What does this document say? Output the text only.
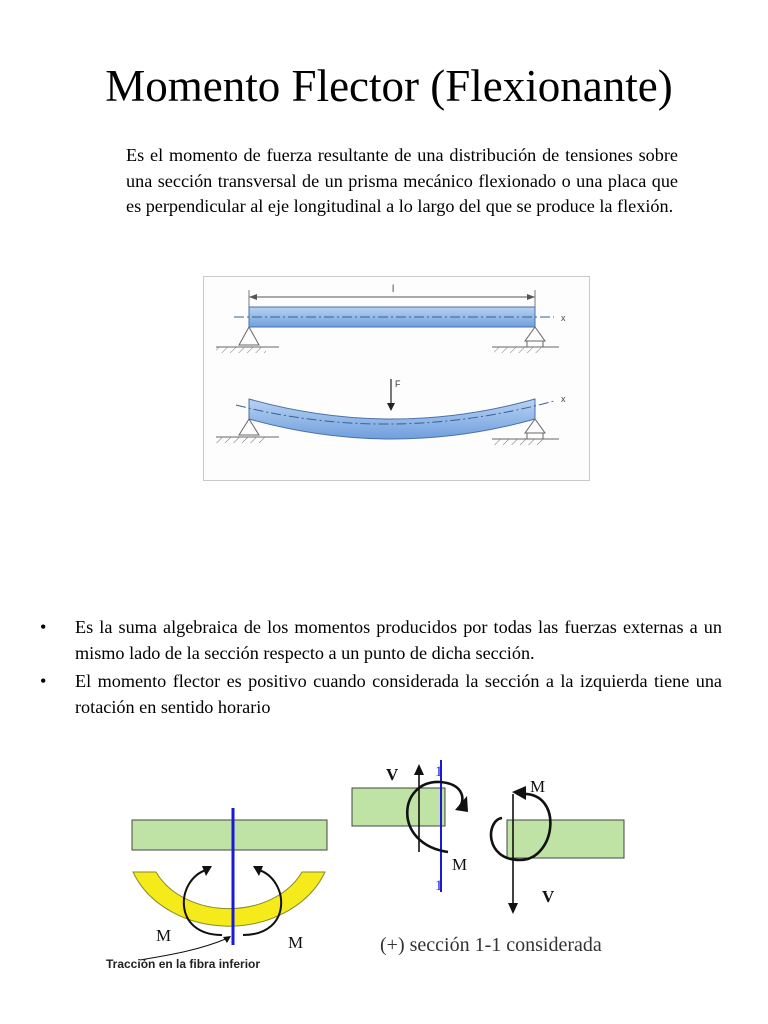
Momento Flector (Flexionante)

Es el momento de fuerza resultante de una distribución de tensiones sobre una sección transversal de un prisma mecánico flexionado o una placa que es perpendicular al eje longitudinal a lo largo del que se produce la flexión.

l
x
F
x
• Es la suma algebraica de los momentos producidos por todas las fuerzas externas a un mismo lado de la sección respecto a un punto de dicha sección.
• El momento flector es positivo cuando considerada la sección a la izquierda tiene una rotación en sentido horario
M	M
Tracción en la fibra inferior
1
1
V
M
M
V
(+) sección 1-1 considerada
